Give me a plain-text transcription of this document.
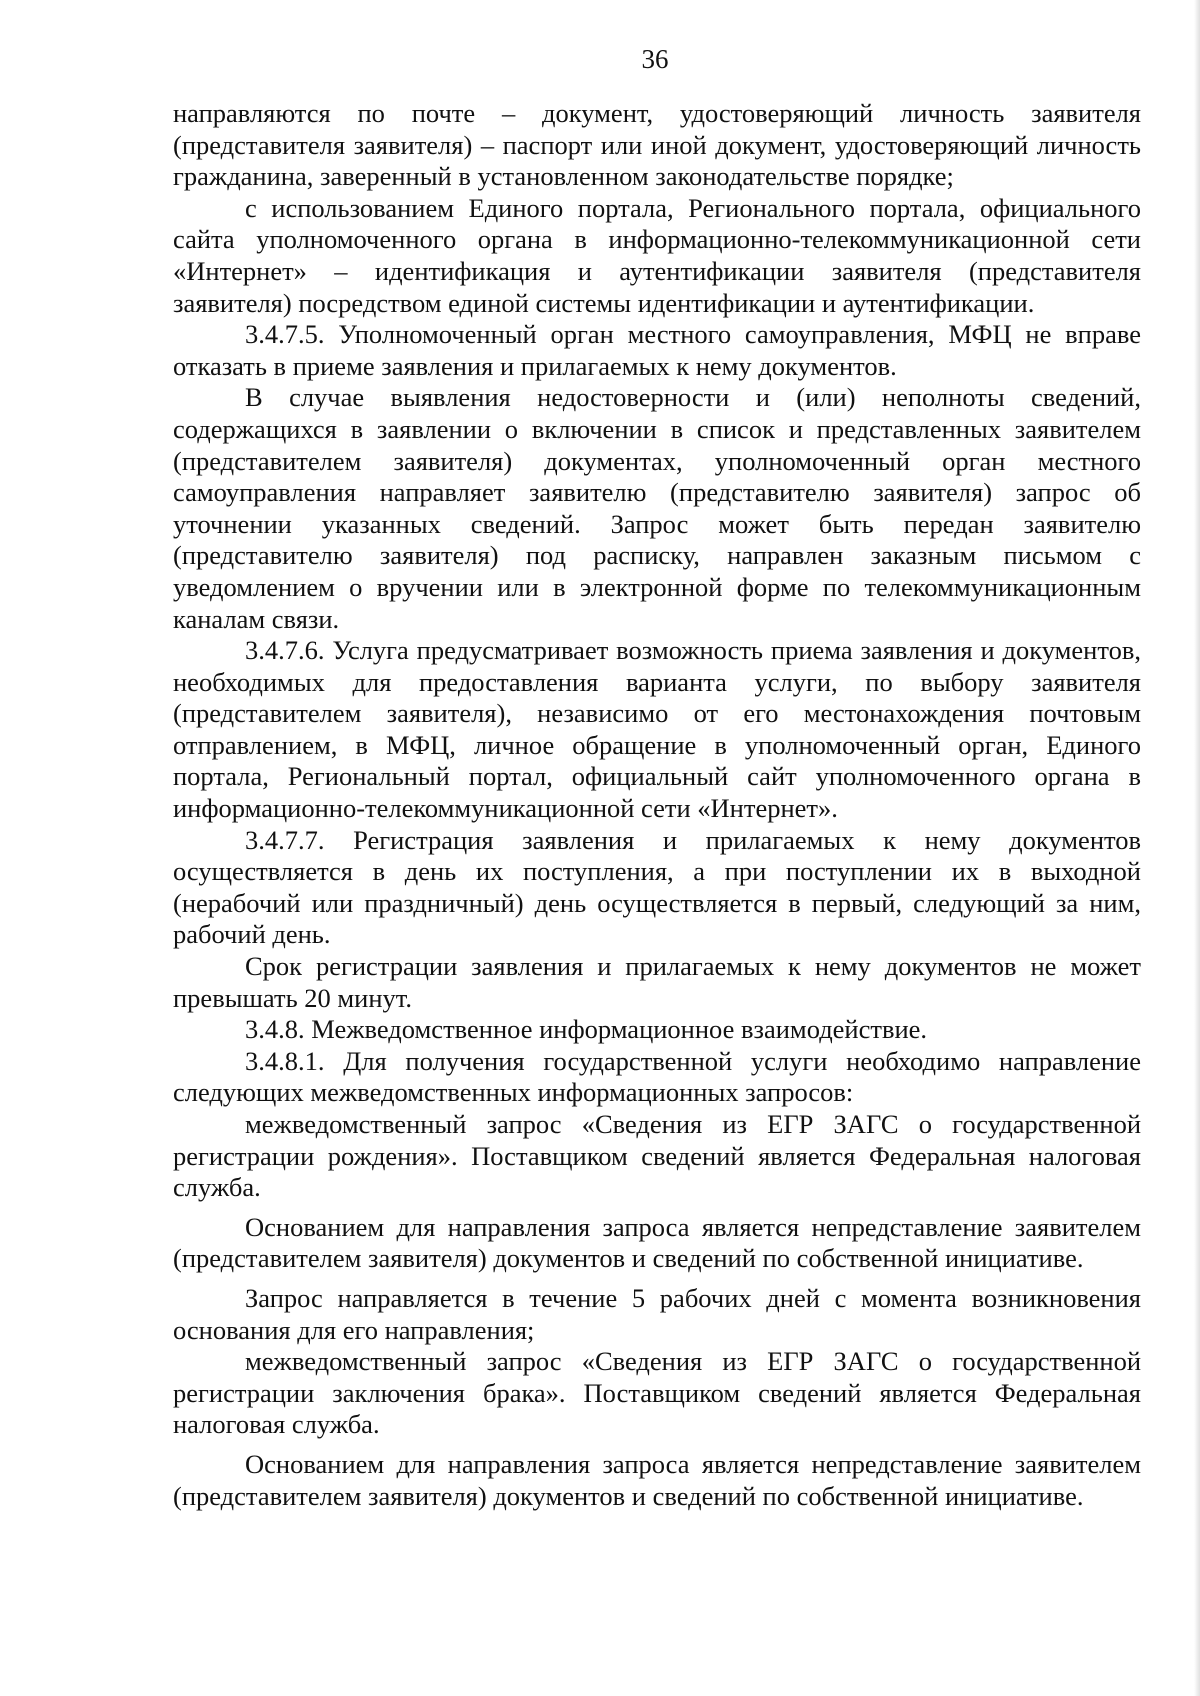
36

направляются по почте – документ, удостоверяющий личность заявителя (представителя заявителя) – паспорт или иной документ, удостоверяющий личность гражданина, заверенный в установленном законодательстве порядке;

с использованием Единого портала, Регионального портала, официального сайта уполномоченного органа в информационно-телекоммуникационной сети «Интернет» – идентификация и аутентификации заявителя (представителя заявителя) посредством единой системы идентификации и аутентификации.

3.4.7.5. Уполномоченный орган местного самоуправления, МФЦ не вправе отказать в приеме заявления и прилагаемых к нему документов.

В случае выявления недостоверности и (или) неполноты сведений, содержащихся в заявлении о включении в список и представленных заявителем (представителем заявителя) документах, уполномоченный орган местного самоуправления направляет заявителю (представителю заявителя) запрос об уточнении указанных сведений. Запрос может быть передан заявителю (представителю заявителя) под расписку, направлен заказным письмом с уведомлением о вручении или в электронной форме по телекоммуникационным каналам связи.

3.4.7.6. Услуга предусматривает возможность приема заявления и документов, необходимых для предоставления варианта услуги, по выбору заявителя (представителем заявителя), независимо от его местонахождения почтовым отправлением, в МФЦ, личное обращение в уполномоченный орган, Единого портала, Региональный портал, официальный сайт уполномоченного органа в информационно-телекоммуникационной сети «Интернет».

3.4.7.7. Регистрация заявления и прилагаемых к нему документов осуществляется в день их поступления, а при поступлении их в выходной (нерабочий или праздничный) день осуществляется в первый, следующий за ним, рабочий день.

Срок регистрации заявления и прилагаемых к нему документов не может превышать 20 минут.

3.4.8. Межведомственное информационное взаимодействие.

3.4.8.1. Для получения государственной услуги необходимо направление следующих межведомственных информационных запросов:

межведомственный запрос «Сведения из ЕГР ЗАГС о государственной регистрации рождения». Поставщиком сведений является Федеральная налоговая служба.

Основанием для направления запроса является непредставление заявителем (представителем заявителя) документов и сведений по собственной инициативе.

Запрос направляется в течение 5 рабочих дней с момента возникновения основания для его направления;

межведомственный запрос «Сведения из ЕГР ЗАГС о государственной регистрации заключения брака». Поставщиком сведений является Федеральная налоговая служба.

Основанием для направления запроса является непредставление заявителем (представителем заявителя) документов и сведений по собственной инициативе.
